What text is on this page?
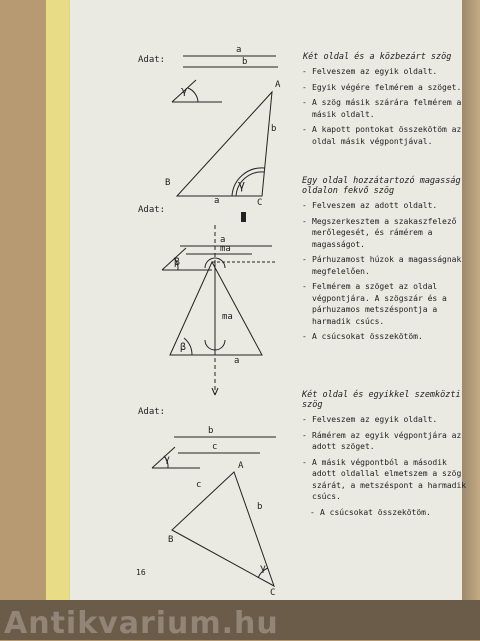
Antikvarium.hu
Adat:
a
b
γ	A
B
C
a
b
γ
Két oldal és a közbezárt szög
- Felveszem az egyik oldalt.
- Egyik végére felmérem a szöget.
- A szög másik szárára felmérem a másik oldalt.
- A kapott pontokat összekötöm az oldal másik végpontjával.
Adat:
a
ma
β
ma
a
β
Egy oldal hozzátartozó magasság oldalon fekvő szög
- Felveszem az adott oldalt.
- Megszerkesztem a szakaszfelező merőlegesét, és rámérem a magasságot.
- Párhuzamost húzok a magasságnak megfelelően.
- Felmérem a szöget az oldal végpontjára. A szögszár és a párhuzamos metszéspontja a harmadik csúcs.
- A csúcsokat összekötöm.
Adat:
b
c
γ
A
B
C
c
b
γ
Két oldal és egyikkel szemközti szög
- Felveszem az egyik oldalt.
- Rámérem az egyik végpontjára az adott szöget.
- A másik végpontból a második adott oldallal elmetszem a szög szárát, a metszéspont a harmadik csúcs.
- A csúcsokat összekötöm.
16
